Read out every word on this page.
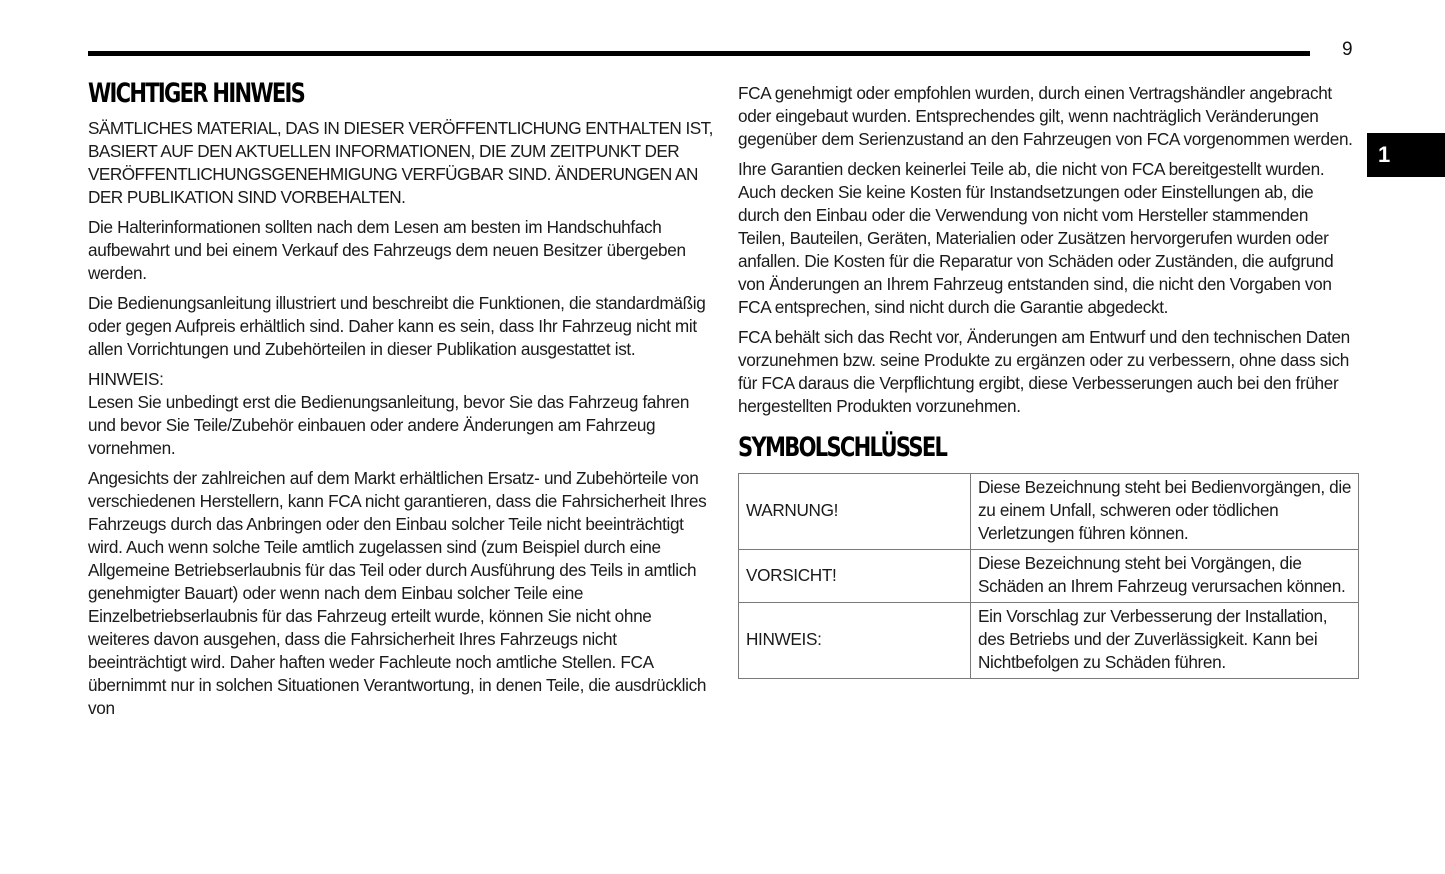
9
1
WICHTIGER HINWEIS

SÄMTLICHES MATERIAL, DAS IN DIESER VERÖFFENTLICHUNG ENTHALTEN IST, BASIERT AUF DEN AKTUELLEN INFORMATIONEN, DIE ZUM ZEITPUNKT DER VERÖFFENTLICHUNGSGENEHMIGUNG VERFÜGBAR SIND. ÄNDERUNGEN AN DER PUBLIKATION SIND VORBEHALTEN.

Die Halterinformationen sollten nach dem Lesen am besten im Handschuhfach aufbewahrt und bei einem Verkauf des Fahrzeugs dem neuen Besitzer übergeben werden.

Die Bedienungsanleitung illustriert und beschreibt die Funktionen, die standardmäßig oder gegen Aufpreis erhältlich sind. Daher kann es sein, dass Ihr Fahrzeug nicht mit allen Vorrichtungen und Zubehörteilen in dieser Publikation ausgestattet ist.

HINWEIS:

Lesen Sie unbedingt erst die Bedienungsanleitung, bevor Sie das Fahrzeug fahren und bevor Sie Teile/Zubehör einbauen oder andere Änderungen am Fahrzeug vornehmen.

Angesichts der zahlreichen auf dem Markt erhältlichen Ersatz- und Zubehörteile von verschiedenen Herstellern, kann FCA nicht garantieren, dass die Fahrsicherheit Ihres Fahrzeugs durch das Anbringen oder den Einbau solcher Teile nicht beeinträchtigt wird. Auch wenn solche Teile amtlich zugelassen sind (zum Beispiel durch eine Allgemeine Betriebserlaubnis für das Teil oder durch Ausführung des Teils in amtlich genehmigter Bauart) oder wenn nach dem Einbau solcher Teile eine Einzelbetriebserlaubnis für das Fahrzeug erteilt wurde, können Sie nicht ohne weiteres davon ausgehen, dass die Fahrsicherheit Ihres Fahrzeugs nicht beeinträchtigt wird. Daher haften weder Fachleute noch amtliche Stellen. FCA übernimmt nur in solchen Situationen Verantwortung, in denen Teile, die ausdrücklich von

FCA genehmigt oder empfohlen wurden, durch einen Vertragshändler angebracht oder eingebaut wurden. Entsprechendes gilt, wenn nachträglich Veränderungen gegenüber dem Serienzustand an den Fahrzeugen von FCA vorgenommen werden.

Ihre Garantien decken keinerlei Teile ab, die nicht von FCA bereitgestellt wurden. Auch decken Sie keine Kosten für Instandsetzungen oder Einstellungen ab, die durch den Einbau oder die Verwendung von nicht vom Hersteller stammenden Teilen, Bauteilen, Geräten, Materialien oder Zusätzen hervorgerufen wurden oder anfallen. Die Kosten für die Reparatur von Schäden oder Zuständen, die aufgrund von Änderungen an Ihrem Fahrzeug entstanden sind, die nicht den Vorgaben von FCA entsprechen, sind nicht durch die Garantie abgedeckt.

FCA behält sich das Recht vor, Änderungen am Entwurf und den technischen Daten vorzunehmen bzw. seine Produkte zu ergänzen oder zu verbessern, ohne dass sich für FCA daraus die Verpflichtung ergibt, diese Verbesserungen auch bei den früher hergestellten Produkten vorzunehmen.

SYMBOLSCHLÜSSEL
WARNUNG!	Diese Bezeichnung steht bei Bedienvorgängen, die zu einem Unfall, schweren oder tödlichen Verletzungen führen können.
VORSICHT!	Diese Bezeichnung steht bei Vorgängen, die Schäden an Ihrem Fahrzeug verursachen können.
HINWEIS:	Ein Vorschlag zur Verbesserung der Installation, des Betriebs und der Zuverlässigkeit. Kann bei Nichtbefolgen zu Schäden führen.
